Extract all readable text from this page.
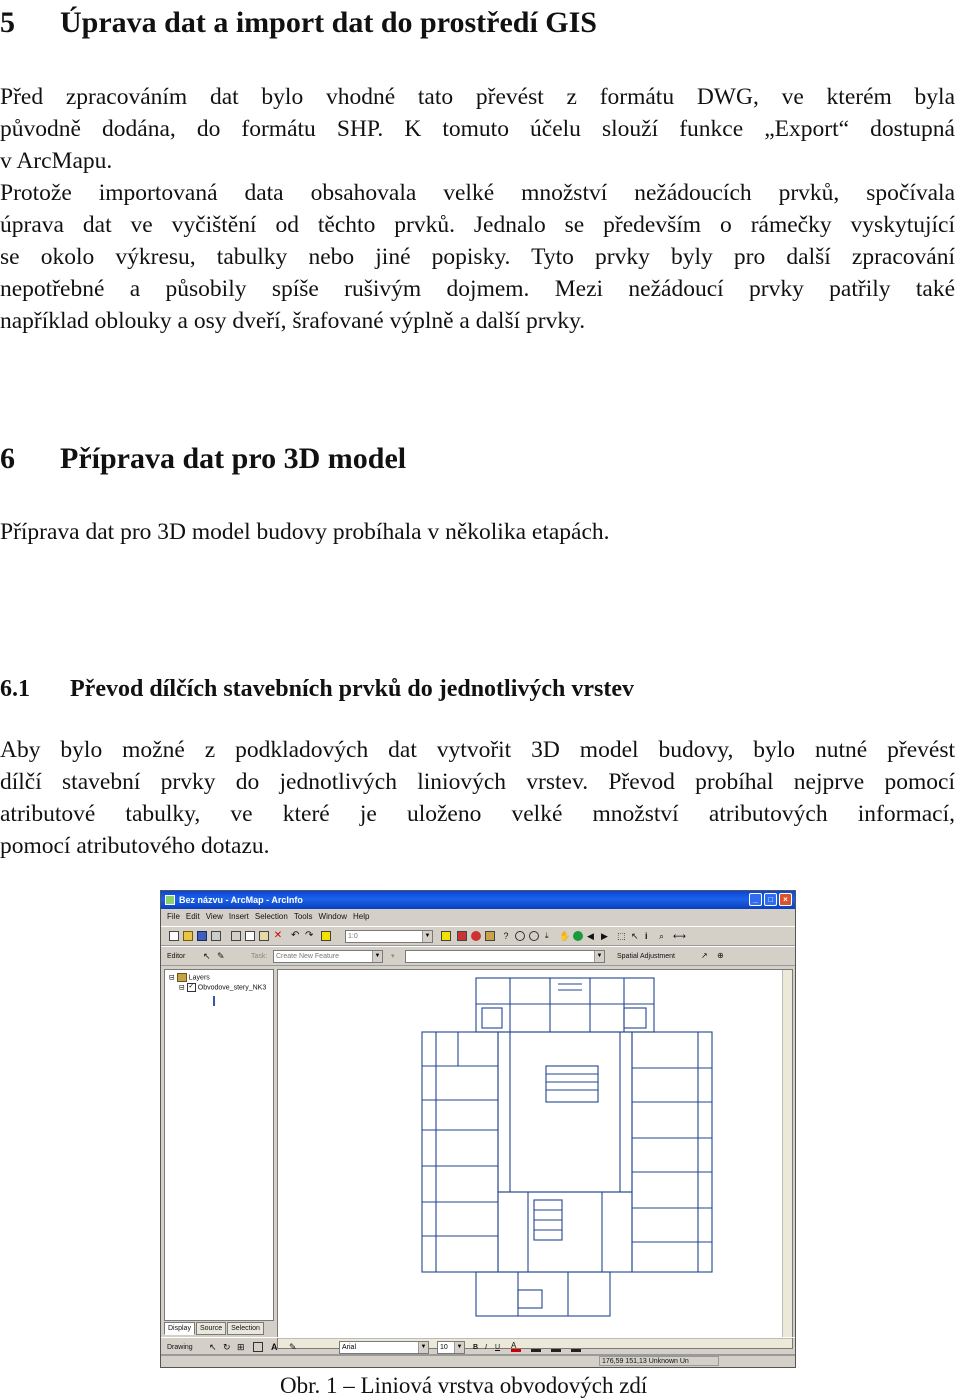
5 Úprava dat a import dat do prostředí GIS
Před zpracováním dat bylo vhodné tato převést z formátu DWG, ve kterém byla
původně dodána, do formátu SHP. K tomuto účelu slouží funkce „Export“ dostupná
v ArcMapu.
Protože importovaná data obsahovala velké množství nežádoucích prvků, spočívala
úprava dat ve vyčištění od těchto prvků. Jednalo se především o rámečky vyskytující
se okolo výkresu, tabulky nebo jiné popisky. Tyto prvky byly pro další zpracování
nepotřebné a působily spíše rušivým dojmem. Mezi nežádoucí prvky patřily také
například oblouky a osy dveří, šrafované výplně a další prvky.
6 Příprava dat pro 3D model
Příprava dat pro 3D model budovy probíhala v několika etapách.
6.1 Převod dílčích stavebních prvků do jednotlivých vrstev
Aby bylo možné z podkladových dat vytvořit 3D model budovy, bylo nutné převést
dílčí stavební prvky do jednotlivých liniových vrstev. Převod probíhal nejprve pomocí
atributové tabulky, ve které je uloženo velké množství atributových informací,
pomocí atributového dotazu.
Bez názvu - ArcMap - ArcInfo	_	□	×
File Edit View Insert Selection Tools Window Help
✕ ↶ ↷	1:0	▼	?	⤓	✋ ◀ ▶	⬚ ↖ i	⌕ ⟷
Editor ↖ ✎	Task:	Create New Feature	▼ ▾	▼ Spatial Adjustment	↗	⊕
⊟  Layers
⊟ ✓ Obvodove_stery_NK3
Display	Source	Selection
Drawing ↖ ↻ ⊞	A	✎	Arial	▼	10	▼ B I U A
176,59 151,13 Unknown Un
Obr. 1 – Liniová vrstva obvodových zdí
